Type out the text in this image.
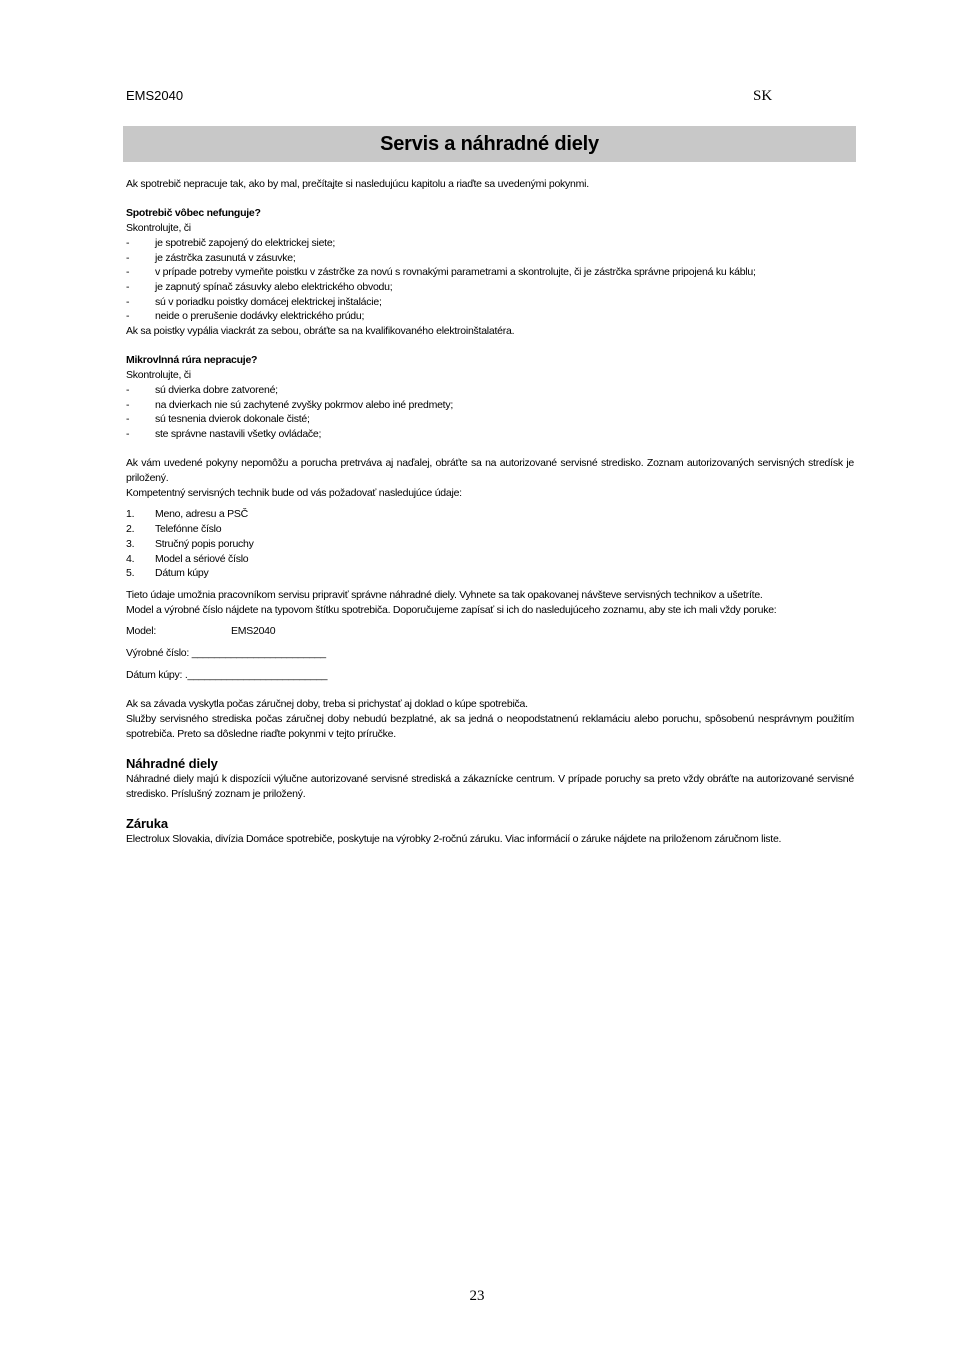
EMS2040	SK
Servis a náhradné diely

Ak spotrebič nepracuje tak, ako by mal, prečítajte si nasledujúcu kapitolu a riaďte sa uvedenými pokynmi.

Spotrebič vôbec nefunguje?

Skontrolujte, či

-	je spotrebič zapojený do elektrickej siete;
-	je zástrčka zasunutá v zásuvke;
-	v prípade potreby vymeňte poistku v zástrčke za novú s rovnakými parametrami a skontrolujte, či je zástrčka správne pripojená ku káblu;
-	je zapnutý spínač zásuvky alebo elektrického obvodu;
-	sú v poriadku poistky domácej elektrickej inštalácie;
-	neide o prerušenie dodávky elektrického prúdu;

Ak sa poistky vypália viackrát za sebou, obráťte sa na kvalifikovaného elektroinštalatéra.

Mikrovlnná rúra nepracuje?

Skontrolujte, či

-	sú dvierka dobre zatvorené;
-	na dvierkach nie sú zachytené zvyšky pokrmov alebo iné predmety;
-	sú tesnenia dvierok dokonale čisté;
-	ste správne nastavili všetky ovládače;

Ak vám uvedené pokyny nepomôžu a porucha pretrváva aj naďalej, obráťte sa na autorizované servisné stredisko. Zoznam autorizovaných servisných stredísk je priložený.

Kompetentný servisných technik bude od vás požadovať nasledujúce údaje:

1.	Meno, adresu a PSČ
2.	Telefónne číslo
3.	Stručný popis poruchy
4.	Model a sériové číslo
5.	Dátum kúpy

Tieto údaje umožnia pracovníkom servisu pripraviť správne náhradné diely. Vyhnete sa tak opakovanej návšteve servisných technikov a ušetríte.

Model a výrobné číslo nájdete na typovom štítku spotrebiča. Doporučujeme zapísať si ich do nasledujúceho zoznamu, aby ste ich mali vždy poruke:

Model:	EMS2040

Výrobné číslo: ________________________

Dátum kúpy: ._________________________

Ak sa závada vyskytla počas záručnej doby, treba si prichystať aj doklad o kúpe spotrebiča.

Služby servisného strediska počas záručnej doby nebudú bezplatné, ak sa jedná o neopodstatnenú reklamáciu alebo poruchu, spôsobenú nesprávnym použitím spotrebiča. Preto sa dôsledne riaďte pokynmi v tejto príručke.

Náhradné diely

Náhradné diely majú k dispozícii výlučne autorizované servisné strediská a zákaznícke centrum. V prípade poruchy sa preto vždy obráťte na autorizované servisné stredisko. Príslušný zoznam je priložený.

Záruka

Electrolux Slovakia, divízia Domáce spotrebiče, poskytuje na výrobky 2-ročnú záruku. Viac informácií o záruke nájdete na priloženom záručnom liste.

23
